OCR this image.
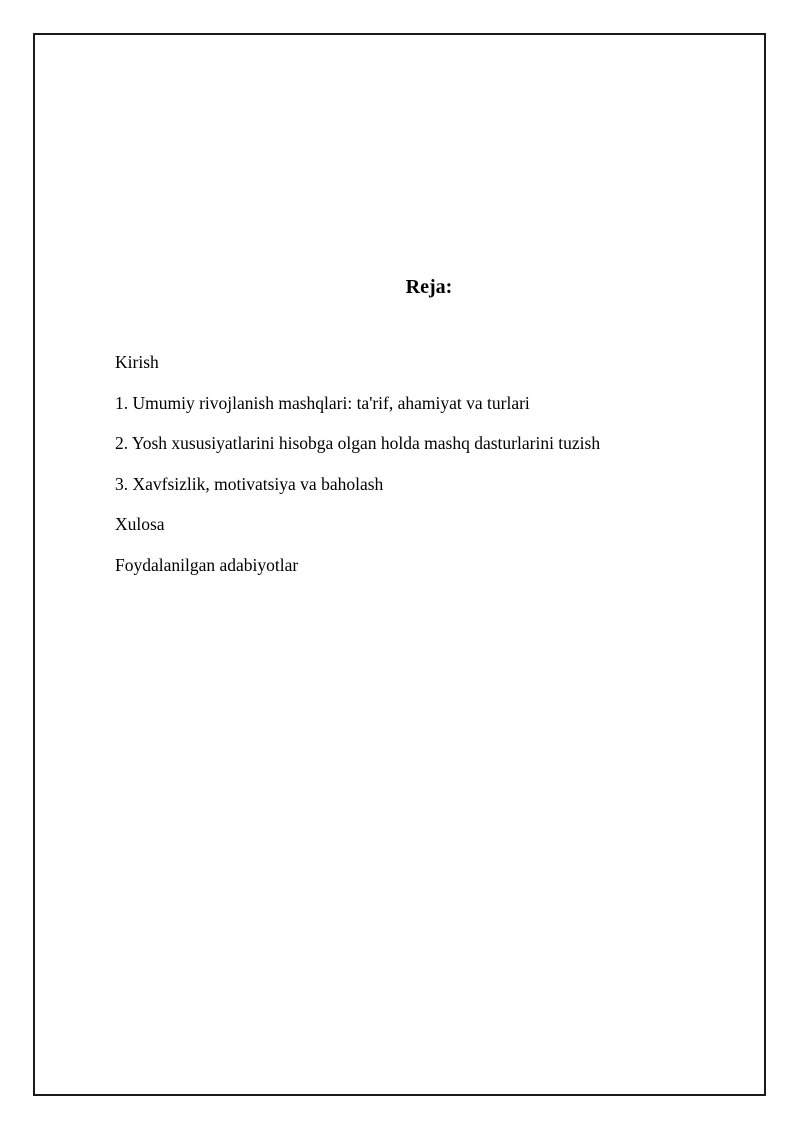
Reja:
Kirish
1. Umumiy rivojlanish mashqlari: ta'rif, ahamiyat va turlari
2. Yosh xususiyatlarini hisobga olgan holda mashq dasturlarini tuzish
3. Xavfsizlik, motivatsiya va baholash
Xulosa
Foydalanilgan adabiyotlar
